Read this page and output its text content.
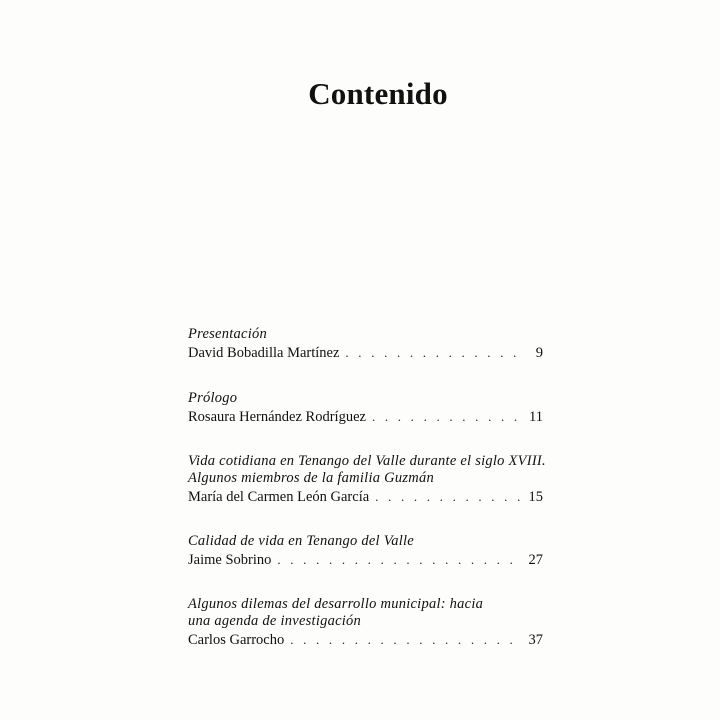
Contenido
Presentación
David Bobadilla Martínez . . .	9
Prólogo
Rosaura Hernández Rodríguez . . .	11
Vida cotidiana en Tenango del Valle durante el siglo XVIII.
Algunos miembros de la familia Guzmán
María del Carmen León García . . .	15
Calidad de vida en Tenango del Valle
Jaime Sobrino . . .	27
Algunos dilemas del desarrollo municipal: hacia
una agenda de investigación
Carlos Garrocho . . .	37
